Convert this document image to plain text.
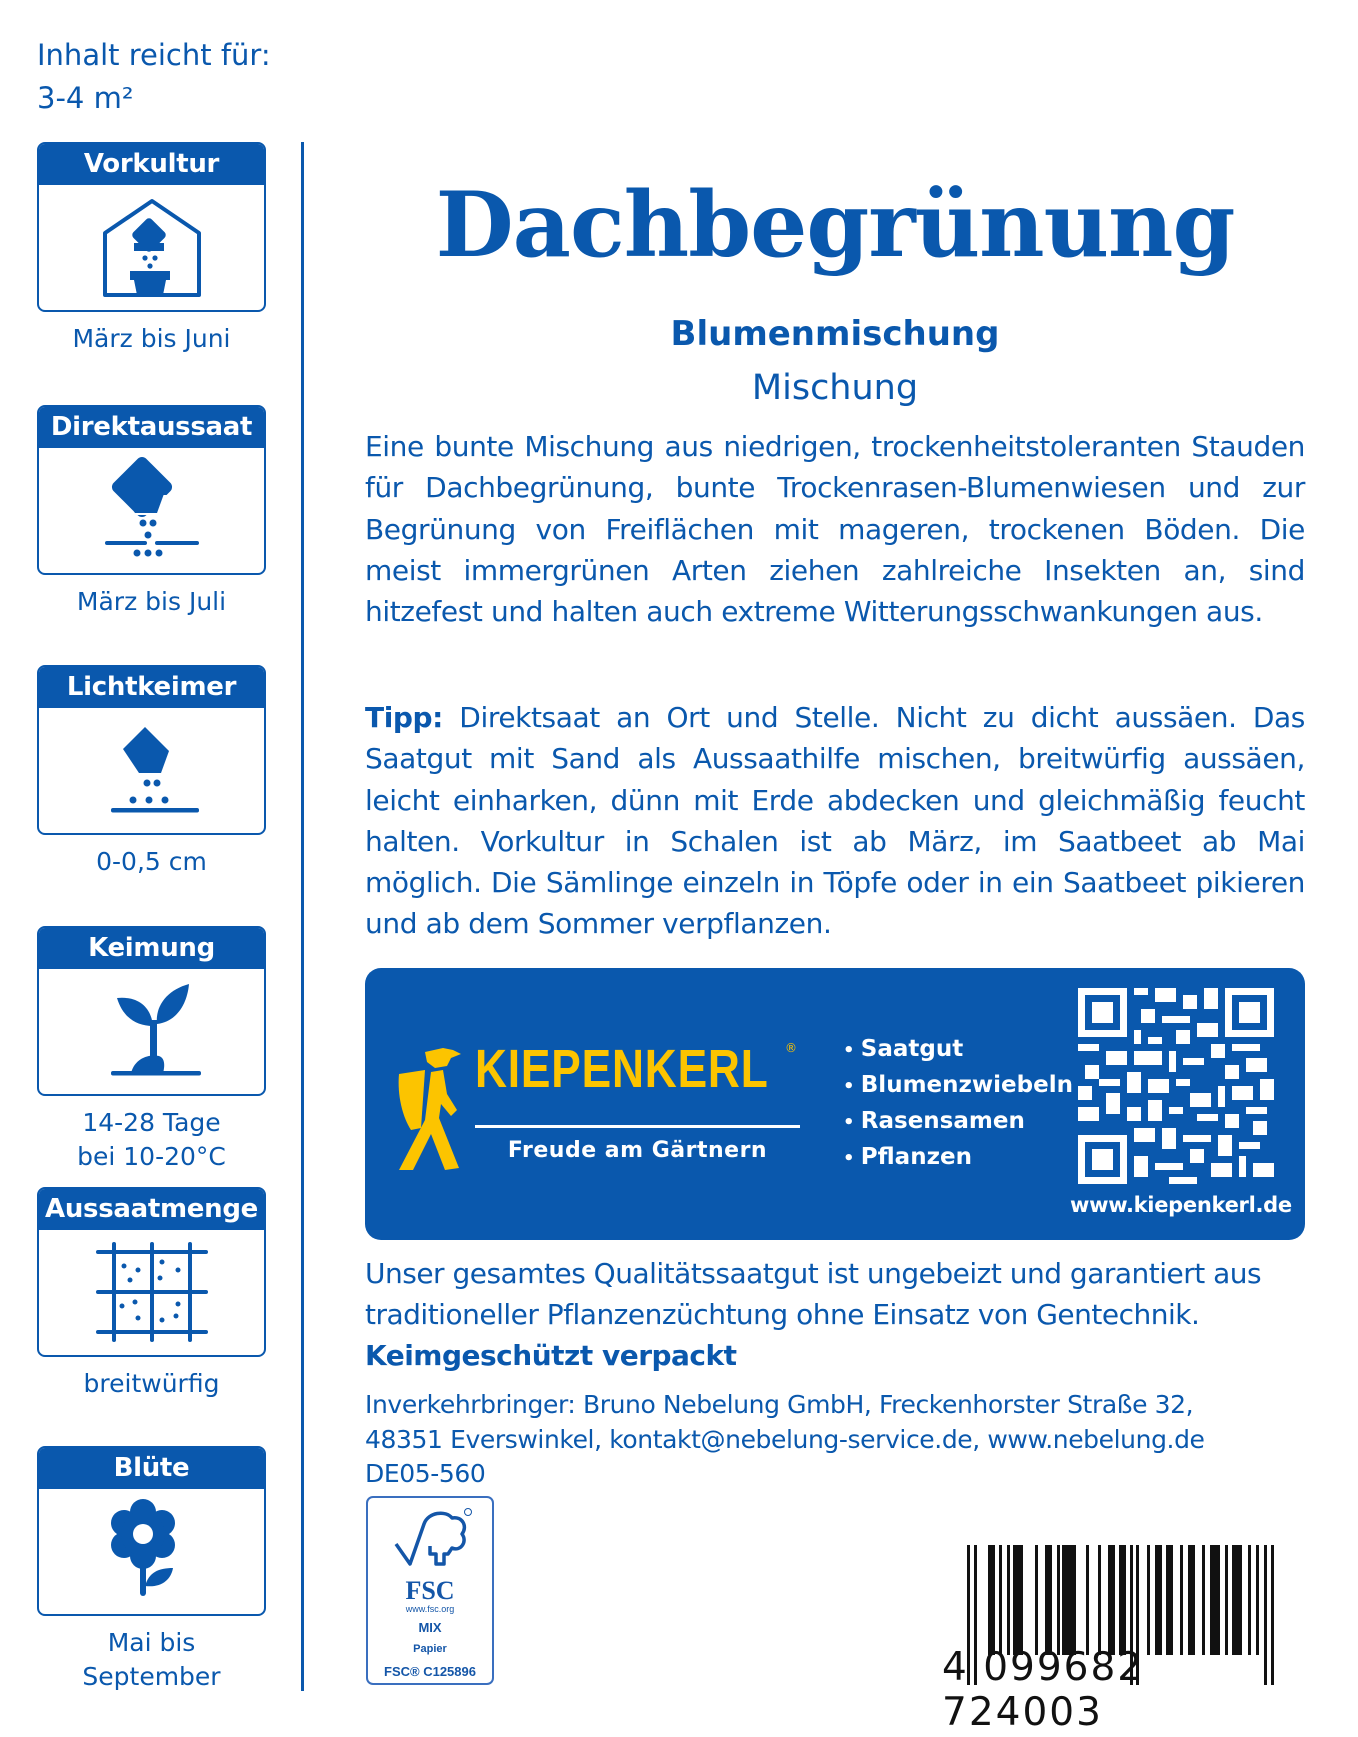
Inhalt reicht für:
3-4 m²
Vorkultur
März bis Juni
Direktaussaat
März bis Juli
Lichtkeimer
0-0,5 cm
Keimung
14-28 Tage
bei 10-20°C
Aussaatmenge
breitwürfig
Blüte
Mai bis
September
Dachbegrünung
Blumenmischung
Mischung

Eine bunte Mischung aus niedrigen, trockenheitstoleranten Stauden für Dachbegrünung, bunte Trockenrasen-Blumenwiesen und zur Begrünung von Freiflächen mit mageren, trockenen Böden. Die meist immergrünen Arten ziehen zahlreiche Insekten an, sind hitzefest und halten auch extreme Witterungsschwankungen aus.

Tipp: Direktsaat an Ort und Stelle. Nicht zu dicht aussäen. Das Saatgut mit Sand als Aussaathilfe mischen, breitwürfig aussäen, leicht einharken, dünn mit Erde abdecken und gleichmäßig feucht halten. Vorkultur in Schalen ist ab März, im Saatbeet ab Mai möglich. Die Sämlinge einzeln in Töpfe oder in ein Saatbeet pikieren und ab dem Sommer verpflanzen.

KIEPENKERL ®
Freude am Gärtnern
• Saatgut
• Blumenzwiebeln
• Rasensamen
• Pflanzen
www.kiepenkerl.de

Unser gesamtes Qualitätssaatgut ist ungebeizt und garantiert aus traditioneller Pflanzenzüchtung ohne Einsatz von Gentechnik.

Keimgeschützt verpackt
Inverkehrbringer: Bruno Nebelung GmbH, Freckenhorster Straße 32,
48351 Everswinkel, kontakt@nebelung-service.de, www.nebelung.de
DE05-560
FSC
www.fsc.org
MIX
Papier
FSC® C125896	4 099682 724003
